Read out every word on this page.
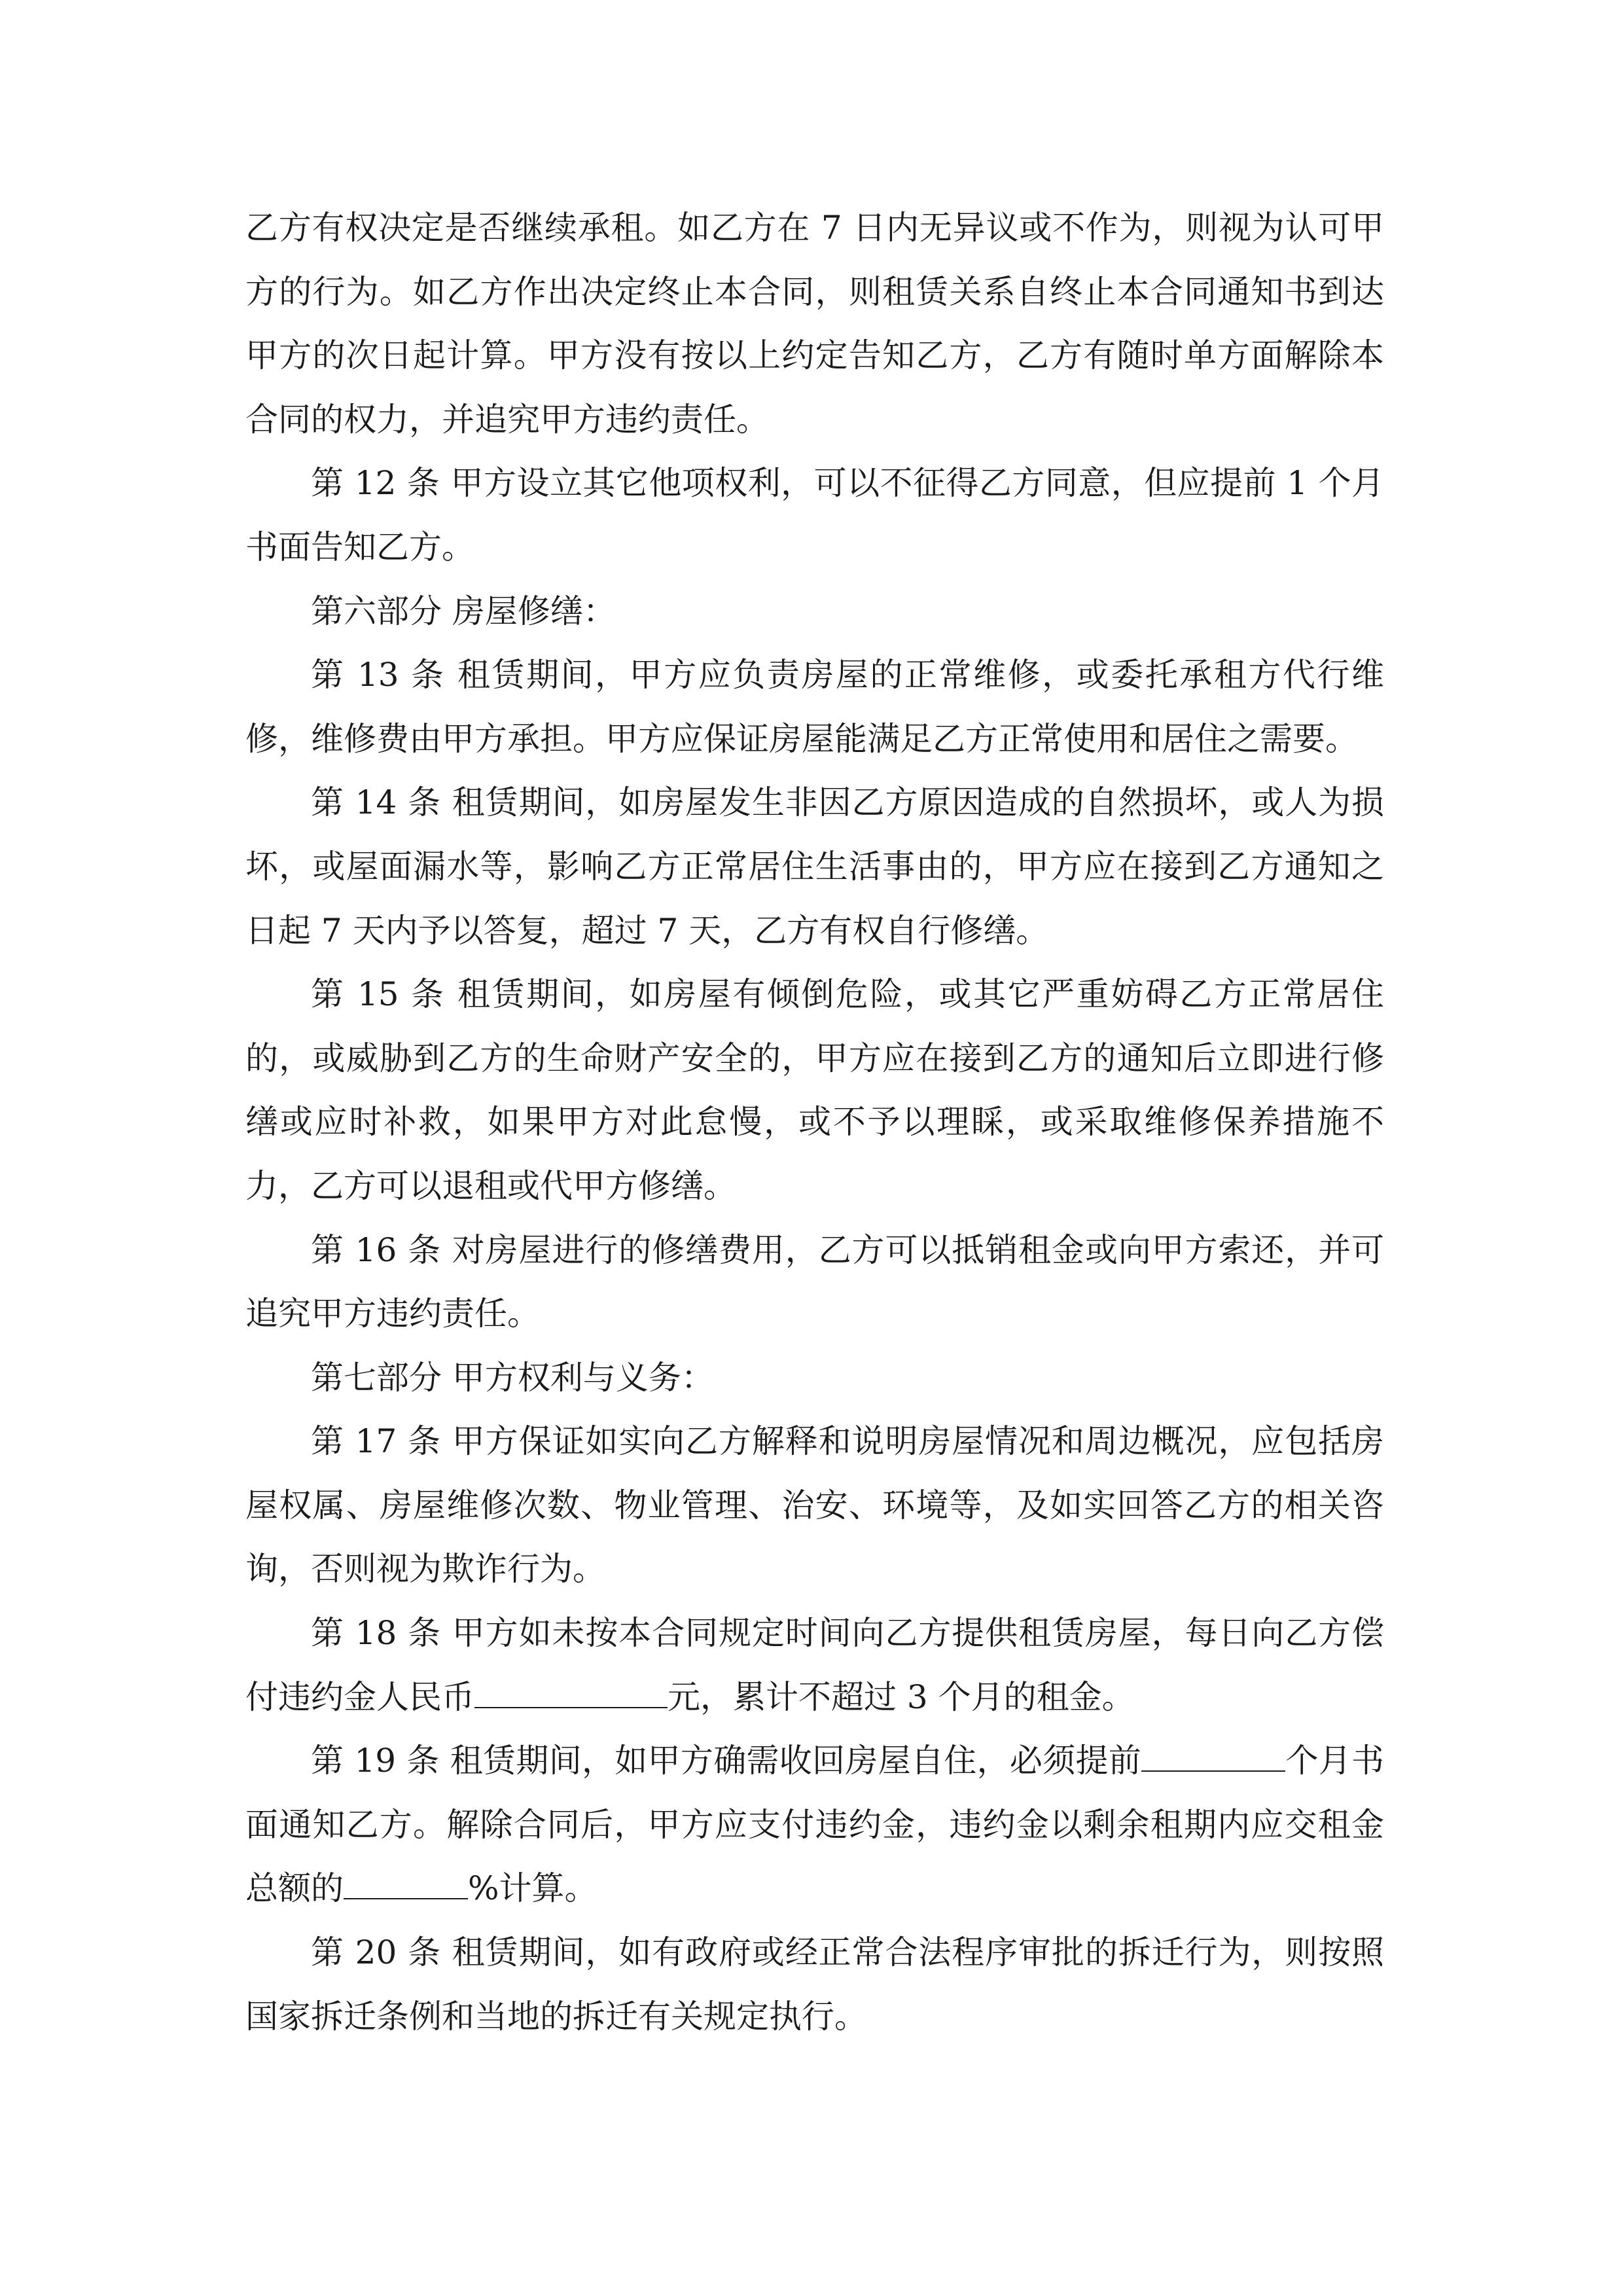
乙方有权决定是否继续承租。如乙方在 7 日内无异议或不作为，则视为认可甲方的行为。如乙方作出决定终止本合同，则租赁关系自终止本合同通知书到达甲方的次日起计算。甲方没有按以上约定告知乙方，乙方有随时单方面解除本合同的权力，并追究甲方违约责任。

第 12 条 甲方设立其它他项权利，可以不征得乙方同意，但应提前 1 个月书面告知乙方。

第六部分 房屋修缮：

第 13 条 租赁期间，甲方应负责房屋的正常维修，或委托承租方代行维修，维修费由甲方承担。甲方应保证房屋能满足乙方正常使用和居住之需要。

第 14 条 租赁期间，如房屋发生非因乙方原因造成的自然损坏，或人为损坏，或屋面漏水等，影响乙方正常居住生活事由的，甲方应在接到乙方通知之日起 7 天内予以答复，超过 7 天，乙方有权自行修缮。

第 15 条 租赁期间，如房屋有倾倒危险，或其它严重妨碍乙方正常居住的，或威胁到乙方的生命财产安全的，甲方应在接到乙方的通知后立即进行修缮或应时补救，如果甲方对此怠慢，或不予以理睬，或采取维修保养措施不力，乙方可以退租或代甲方修缮。

第 16 条 对房屋进行的修缮费用，乙方可以抵销租金或向甲方索还，并可追究甲方违约责任。

第七部分 甲方权利与义务：

第 17 条 甲方保证如实向乙方解释和说明房屋情况和周边概况，应包括房屋权属、房屋维修次数、物业管理、治安、环境等，及如实回答乙方的相关咨询，否则视为欺诈行为。

第 18 条 甲方如未按本合同规定时间向乙方提供租赁房屋，每日向乙方偿付违约金人民币	元，累计不超过 3 个月的租金。

第 19 条 租赁期间，如甲方确需收回房屋自住，必须提前	个月书面通知乙方。解除合同后，甲方应支付违约金，违约金以剩余租期内应交租金总额的	%计算。

第 20 条 租赁期间，如有政府或经正常合法程序审批的拆迁行为，则按照国家拆迁条例和当地的拆迁有关规定执行。
